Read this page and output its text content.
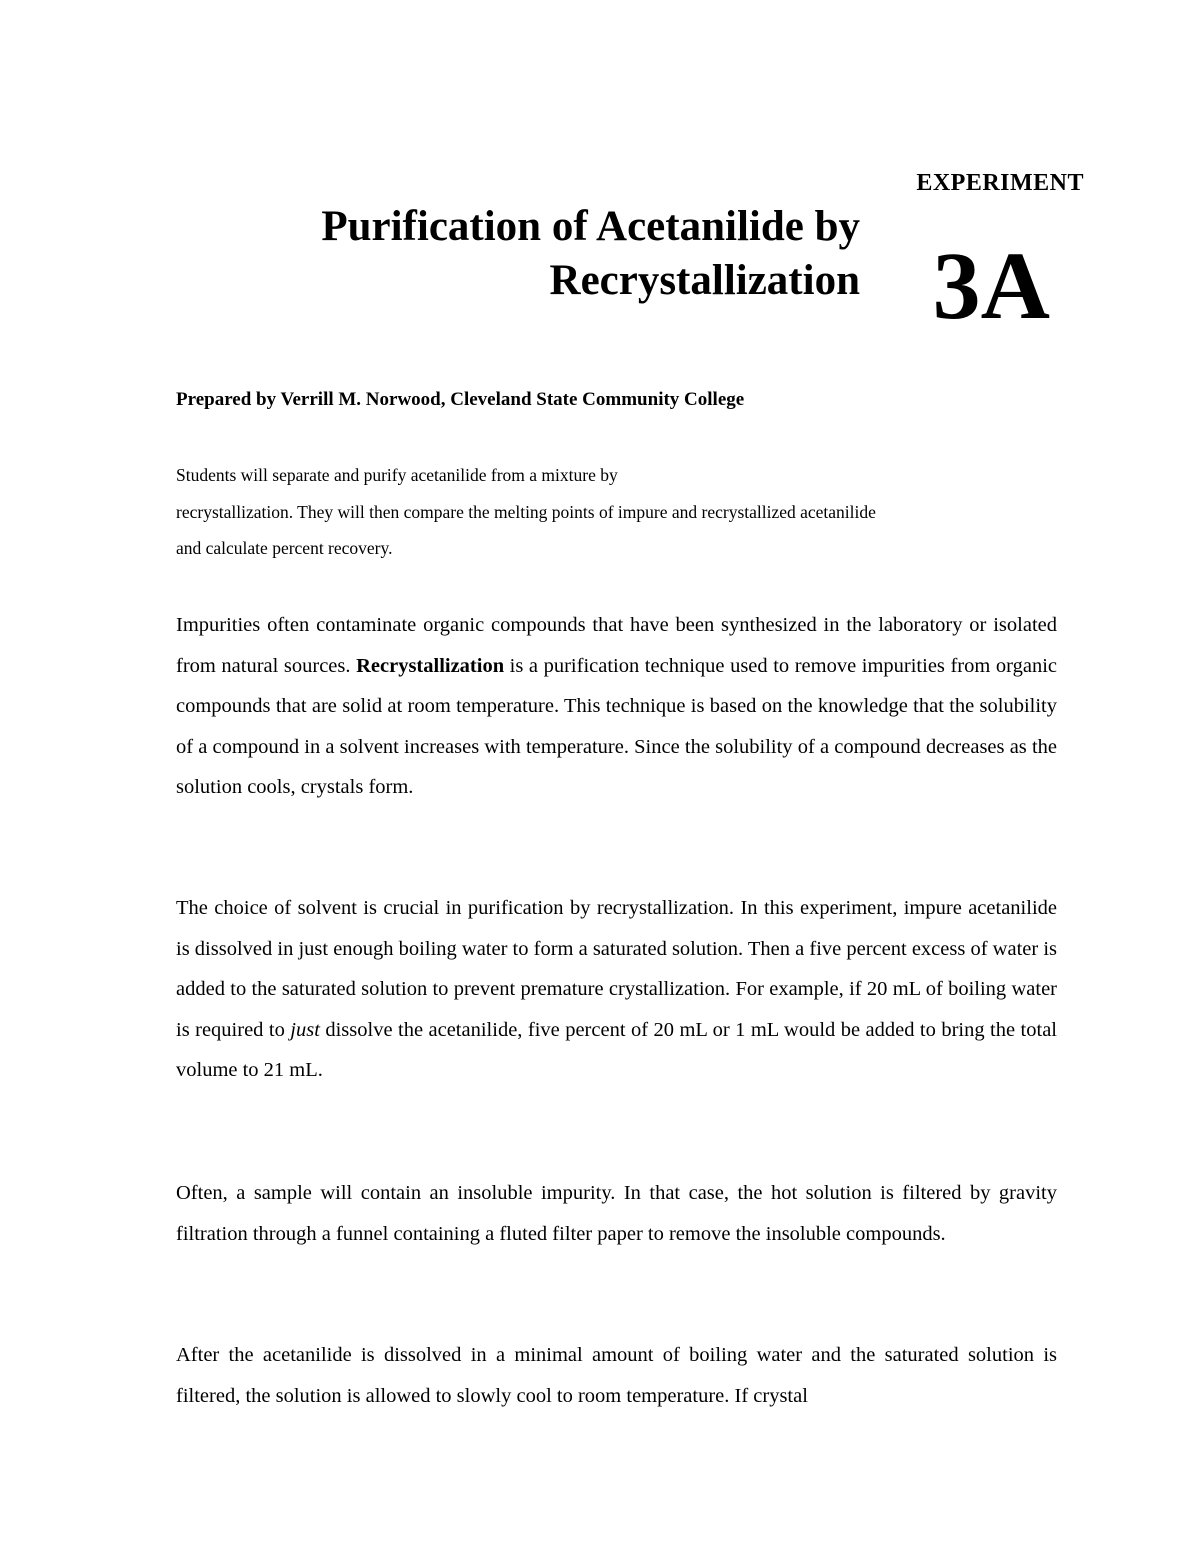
EXPERIMENT
Purification of Acetanilide by
Recrystallization 3A

Prepared by Verrill M. Norwood, Cleveland State Community College

Students will separate and purify acetanilide from a mixture by
recrystallization. They will then compare the melting points of impure and recrystallized acetanilide
and calculate percent recovery.

Impurities often contaminate organic compounds that have been synthesized in the laboratory or isolated from natural sources. Recrystallization is a purification technique used to remove impurities from organic compounds that are solid at room temperature. This technique is based on the knowledge that the solubility of a compound in a solvent increases with temperature. Since the solubility of a compound decreases as the solution cools, crystals form.

The choice of solvent is crucial in purification by recrystallization. In this experiment, impure acetanilide is dissolved in just enough boiling water to form a saturated solution. Then a five percent excess of water is added to the saturated solution to prevent premature crystallization. For example, if 20 mL of boiling water is required to just dissolve the acetanilide, five percent of 20 mL or 1 mL would be added to bring the total volume to 21 mL.

Often, a sample will contain an insoluble impurity. In that case, the hot solution is filtered by gravity filtration through a funnel containing a fluted filter paper to remove the insoluble compounds.

After the acetanilide is dissolved in a minimal amount of boiling water and the saturated solution is filtered, the solution is allowed to slowly cool to room temperature. If crystal
